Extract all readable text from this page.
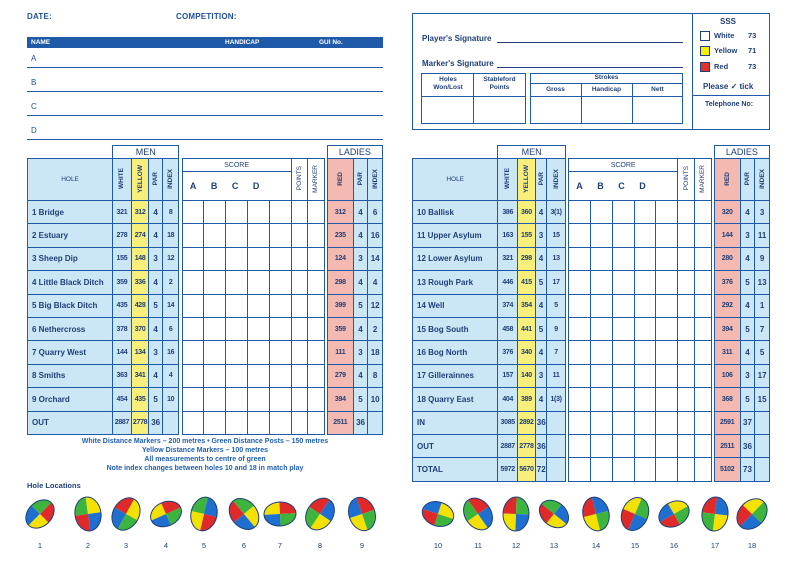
DATE:	COMPETITION:
NAME	HANDICAP	GUI No.
A
B
C
D
Player's Signature
Marker's Signature
Holes Won/Lost
Stableford Points
Strokes
Gross	Handicap	Nett
SSS
White 73
Yellow 71
Red	73
Please ✓ tick
Telephone No:
	MEN													LADIES		
HOLE	WHITE	YELLOW	PAR	INDEX		SCORE
A B C D					POINTS	MARKER		RED	PAR	INDEX
1 Bridge	321	312	4	8										312	4	6
2 Estuary	278	274	4	18										235	4	16
3 Sheep Dip	155	148	3	12										124	3	14
4 Little Black Ditch	359	336	4	2										298	4	4
5 Big Black Ditch	435	428	5	14										399	5	12
6 Nethercross	378	370	4	6										359	4	2
7 Quarry West	144	134	3	16										111	3	18
8 Smiths	363	341	4	4										279	4	8
9 Orchard	454	435	5	10										394	5	10
OUT	2887	2778	36											2511	36	
	MEN													LADIES		
HOLE	WHITE	YELLOW	PAR	INDEX		SCORE
A B C D					POINTS	MARKER		RED	PAR	INDEX
10 Ballisk	386	360	4	3(1)										320	4	3
11 Upper Asylum	163	155	3	15										144	3	11
12 Lower Asylum	321	298	4	13										280	4	9
13 Rough Park	446	415	5	17										376	5	13
14 Well	374	354	4	5										292	4	1
15 Bog South	458	441	5	9										394	5	7
16 Bog North	376	340	4	7										311	4	5
17 Gillerainnes	157	140	3	11										106	3	17
18 Quarry East	404	389	4	1(3)										368	5	15
IN	3085	2892	36											2591	37	
OUT	2887	2778	36											2511	36	
TOTAL	5972	5670	72											5102	73	
White Distance Markers – 200 metres • Green Distance Posts – 150 metres
Yellow Distance Markers – 100 metres
All measurements to centre of green
Note index changes between holes 10 and 18 in match play
Hole Locations
1	2	3	4	5	6	7	8	9	10	11	12	13	14	15	16	17	18
